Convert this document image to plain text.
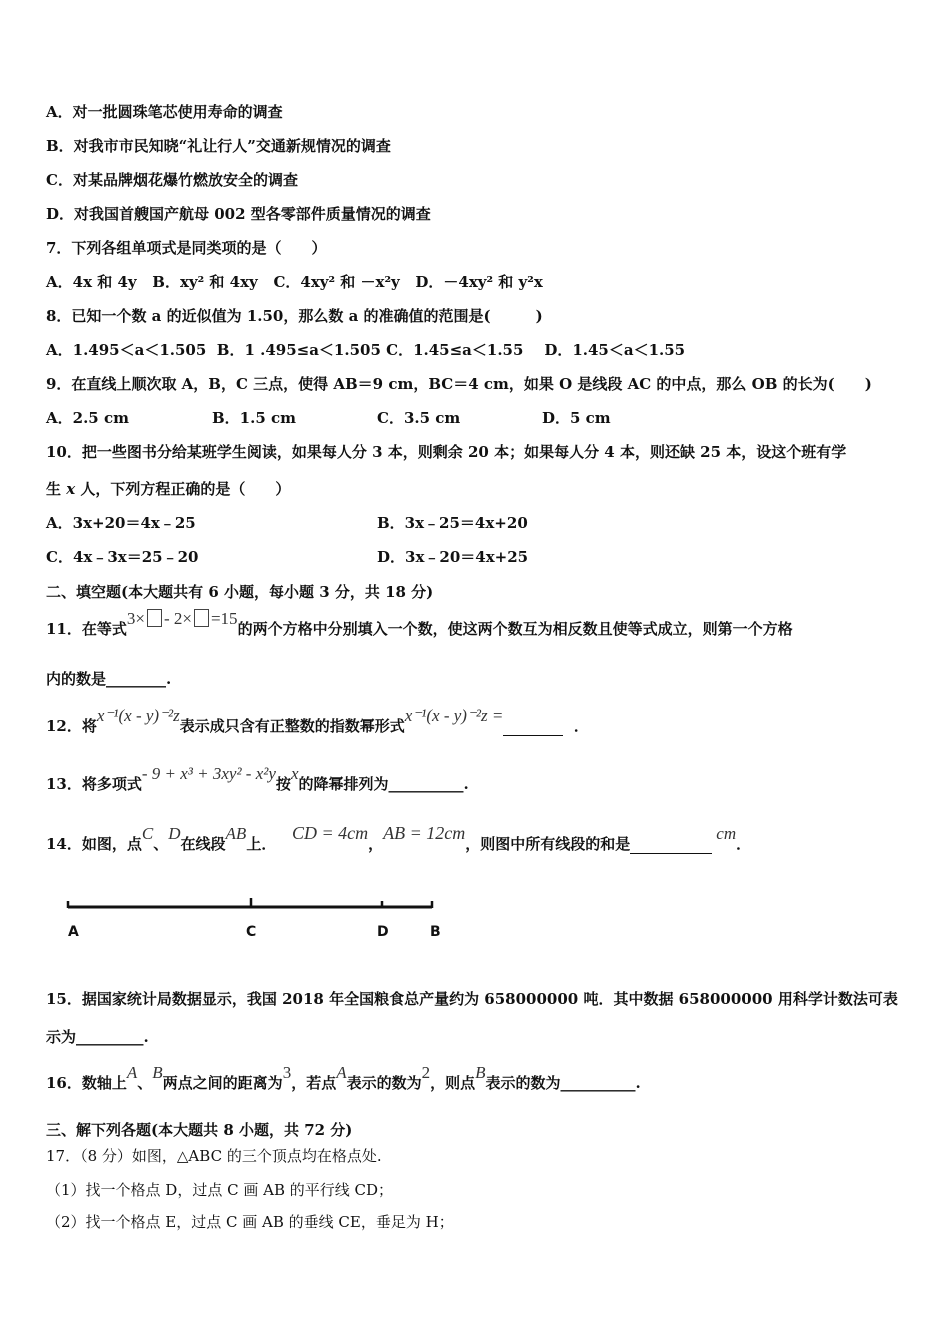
A．对一批圆珠笔芯使用寿命的调查
B．对我市市民知晓“礼让行人”交通新规情况的调查
C．对某品牌烟花爆竹燃放安全的调查
D．对我国首艘国产航母 002 型各零部件质量情况的调查
7．下列各组单项式是同类项的是（　　）
A．4x 和 4y B．xy² 和 4xy C．4xy² 和 －x²y D．－4xy² 和 y²x
8．已知一个数 a 的近似值为 1.50，那么数 a 的准确值的范围是(　　　)
A．1.495＜a＜1.505 B．1 .495≤a＜1.505 C．1.45≤a＜1.55 D．1.45＜a＜1.55
9．在直线上顺次取 A，B，C 三点，使得 AB＝9 cm，BC＝4 cm，如果 O 是线段 AC 的中点，那么 OB 的长为(　　)
A．2.5 cm	B．1.5 cm	C．3.5 cm	D．5 cm
10．把一些图书分给某班学生阅读，如果每人分 3 本，则剩余 20 本；如果每人分 4 本，则还缺 25 本，设这个班有学
生 x 人，下列方程正确的是（　　）
A．3x+20＝4x﹣25	B．3x﹣25＝4x+20
C．4x﹣3x＝25﹣20	D．3x﹣20＝4x+25
二、填空题(本大题共有 6 小题，每小题 3 分，共 18 分)
11．在等式3× - 2× =15的两个方格中分别填入一个数，使这两个数互为相反数且使等式成立，则第一个方格
内的数是________.
12．将x⁻¹(x - y)⁻²z表示成只含有正整数的指数幂形式x⁻¹(x - y)⁻²z =  ．
13．将多项式- 9 + x³ + 3xy² - x²y按x的降幂排列为__________.
14．如图，点C、D在线段AB上．   CD = 4cm，AB = 12cm，则图中所有线段的和是cm．
A	C	D	B
15．据国家统计局数据显示，我国 2018 年全国粮食总产量约为 658000000 吨．其中数据 658000000 用科学计数法可表
示为_________.
16．数轴上A、B两点之间的距离为3，若点A表示的数为2，则点B表示的数为__________.
三、解下列各题(本大题共 8 小题，共 72 分)
17．（8 分）如图，△ABC 的三个顶点均在格点处.
（1）找一个格点 D，过点 C 画 AB 的平行线 CD；
（2）找一个格点 E，过点 C 画 AB 的垂线 CE，垂足为 H；
